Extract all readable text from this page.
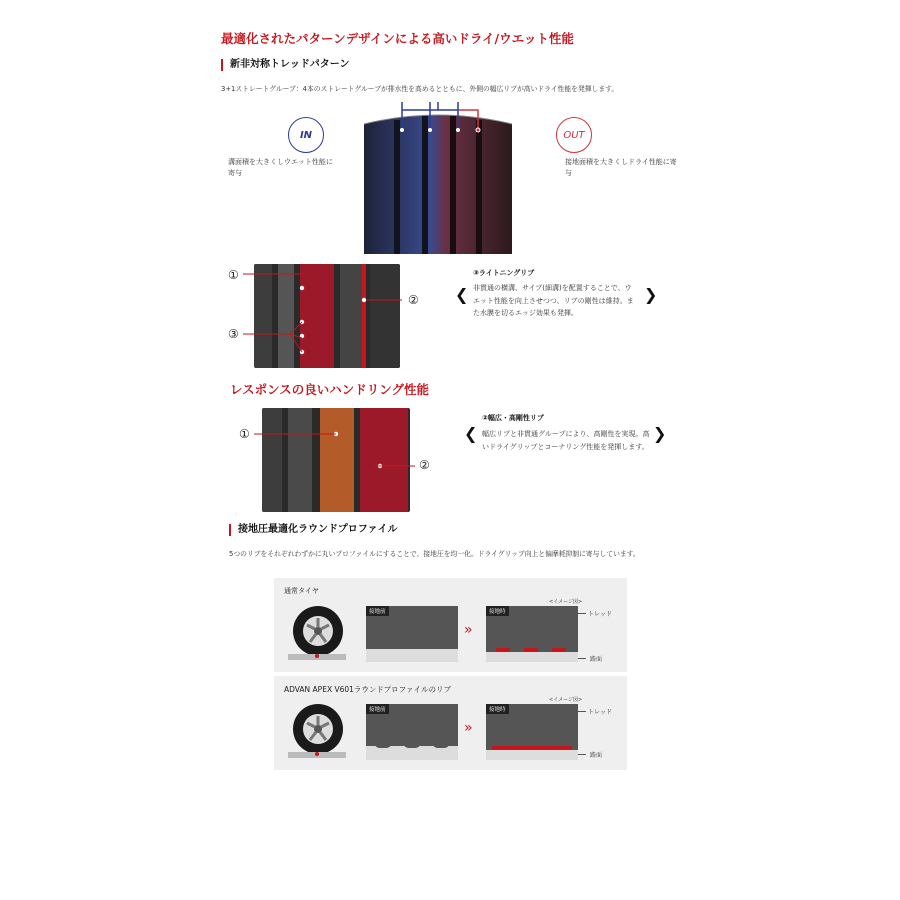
最適化されたパターンデザインによる高いドライ/ウエット性能
新非対称トレッドパターン
3+1ストレートグルーブ：4本のストレートグルーブが排水性を高めるとともに、外側の幅広リブが高いドライ性能を発揮します。
IN
溝面積を大きくしウエット性能に寄与
OUT
接地面積を大きくしドライ性能に寄与
①
②
③
❮
③ライトニングリブ
非貫通の横溝、サイプ(細溝)を配置することで、ウエット性能を向上させつつ、リブの剛性は維持。また水膜を切るエッジ効果も発揮。
❯
レスポンスの良いハンドリング性能
①
②
❮
②幅広・高剛性リブ
幅広リブと非貫通グループにより、高剛性を実現。高いドライグリップとコーナリング性能を発揮します。
❯
接地圧最適化ラウンドプロファイル
5つのリブをそれぞれわずかに丸いプロファイルにすることで、接地圧を均一化。ドライグリップ向上と偏摩耗抑制に寄与しています。
通常タイヤ
<イメージ図>
接地前
»
接地時	トレッド
路面
ADVAN APEX V601ラウンドプロファイルのリブ
<イメージ図>
接地前
»
接地時	トレッド
路面
